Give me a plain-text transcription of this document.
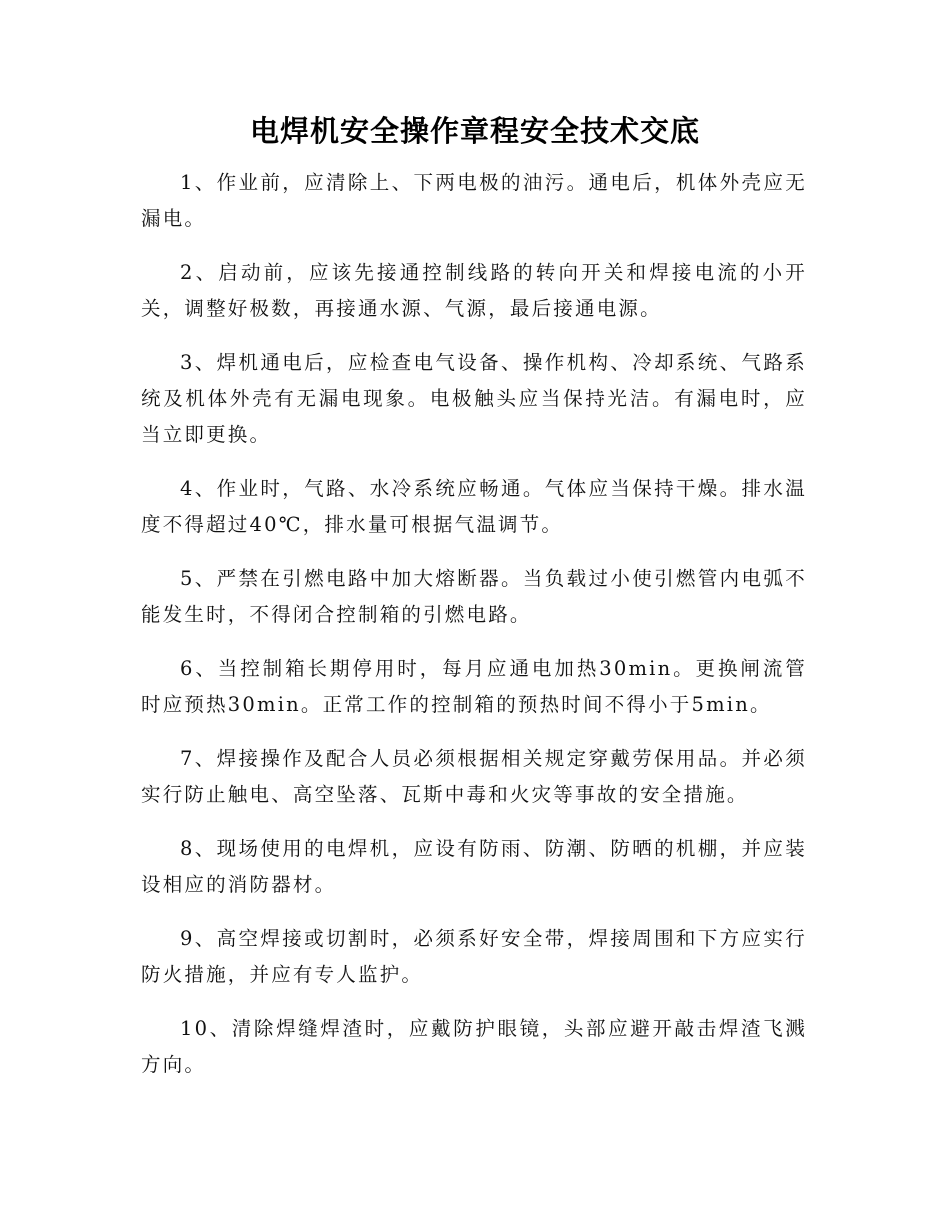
电焊机安全操作章程安全技术交底

1、作业前，应清除上、下两电极的油污。通电后，机体外壳应无漏电。

2、启动前，应该先接通控制线路的转向开关和焊接电流的小开关，调整好极数，再接通水源、气源，最后接通电源。

3、焊机通电后，应检查电气设备、操作机构、冷却系统、气路系统及机体外壳有无漏电现象。电极触头应当保持光洁。有漏电时，应当立即更换。

4、作业时，气路、水冷系统应畅通。气体应当保持干燥。排水温度不得超过40℃，排水量可根据气温调节。

5、严禁在引燃电路中加大熔断器。当负载过小使引燃管内电弧不能发生时，不得闭合控制箱的引燃电路。

6、当控制箱长期停用时，每月应通电加热30min。更换闸流管时应预热30min。正常工作的控制箱的预热时间不得小于5min。

7、焊接操作及配合人员必须根据相关规定穿戴劳保用品。并必须实行防止触电、高空坠落、瓦斯中毒和火灾等事故的安全措施。

8、现场使用的电焊机，应设有防雨、防潮、防晒的机棚，并应装设相应的消防器材。

9、高空焊接或切割时，必须系好安全带，焊接周围和下方应实行防火措施，并应有专人监护。

10、清除焊缝焊渣时，应戴防护眼镜，头部应避开敲击焊渣飞溅方向。
